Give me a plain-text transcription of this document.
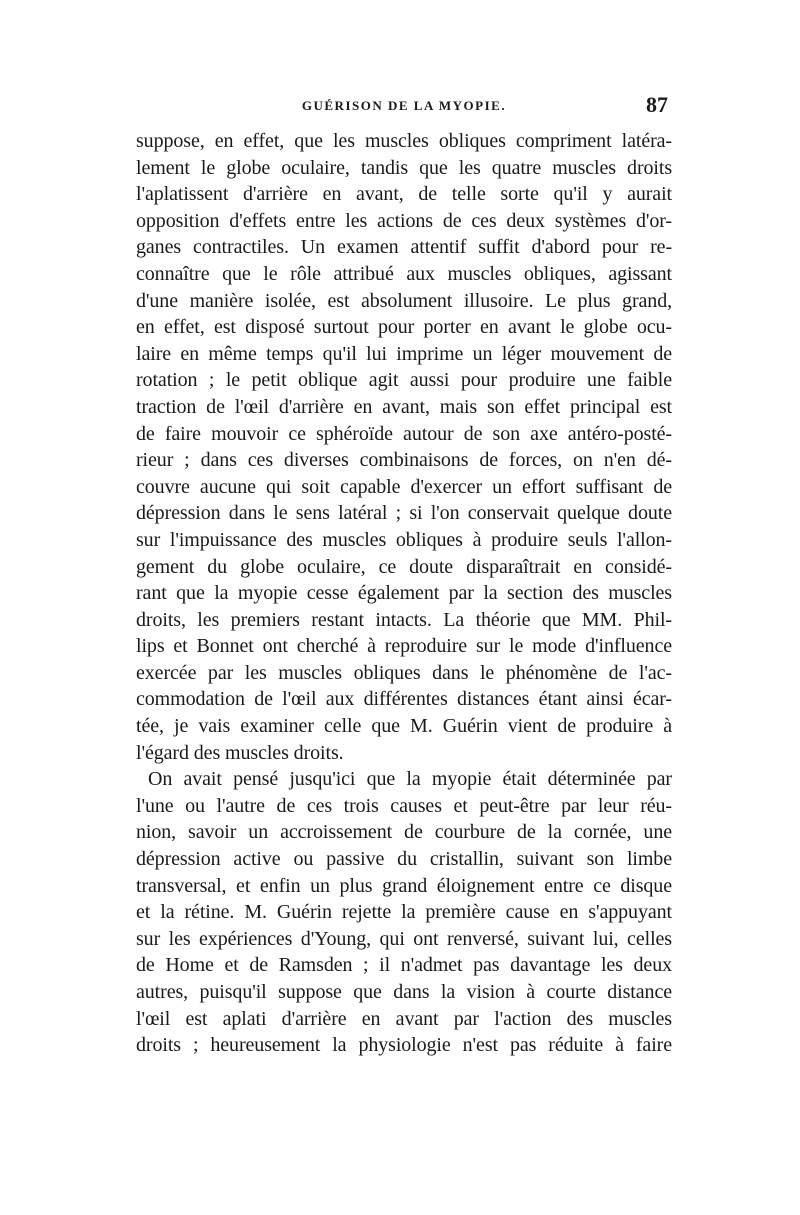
GUÉRISON DE LA MYOPIE.	87
suppose, en effet, que les muscles obliques compriment latéra-
lement le globe oculaire, tandis que les quatre muscles droits
l'aplatissent d'arrière en avant, de telle sorte qu'il y aurait
opposition d'effets entre les actions de ces deux systèmes d'or-
ganes contractiles. Un examen attentif suffit d'abord pour re-
connaître que le rôle attribué aux muscles obliques, agissant
d'une manière isolée, est absolument illusoire. Le plus grand,
en effet, est disposé surtout pour porter en avant le globe ocu-
laire en même temps qu'il lui imprime un léger mouvement de
rotation ; le petit oblique agit aussi pour produire une faible
traction de l'œil d'arrière en avant, mais son effet principal est
de faire mouvoir ce sphéroïde autour de son axe antéro-posté-
rieur ; dans ces diverses combinaisons de forces, on n'en dé-
couvre aucune qui soit capable d'exercer un effort suffisant de
dépression dans le sens latéral ; si l'on conservait quelque doute
sur l'impuissance des muscles obliques à produire seuls l'allon-
gement du globe oculaire, ce doute disparaîtrait en considé-
rant que la myopie cesse également par la section des muscles
droits, les premiers restant intacts. La théorie que MM. Phil-
lips et Bonnet ont cherché à reproduire sur le mode d'influence
exercée par les muscles obliques dans le phénomène de l'ac-
commodation de l'œil aux différentes distances étant ainsi écar-
tée, je vais examiner celle que M. Guérin vient de produire à
l'égard des muscles droits.
On avait pensé jusqu'ici que la myopie était déterminée par
l'une ou l'autre de ces trois causes et peut-être par leur réu-
nion, savoir un accroissement de courbure de la cornée, une
dépression active ou passive du cristallin, suivant son limbe
transversal, et enfin un plus grand éloignement entre ce disque
et la rétine. M. Guérin rejette la première cause en s'appuyant
sur les expériences d'Young, qui ont renversé, suivant lui, celles
de Home et de Ramsden ; il n'admet pas davantage les deux
autres, puisqu'il suppose que dans la vision à courte distance
l'œil est aplati d'arrière en avant par l'action des muscles
droits ; heureusement la physiologie n'est pas réduite à faire
